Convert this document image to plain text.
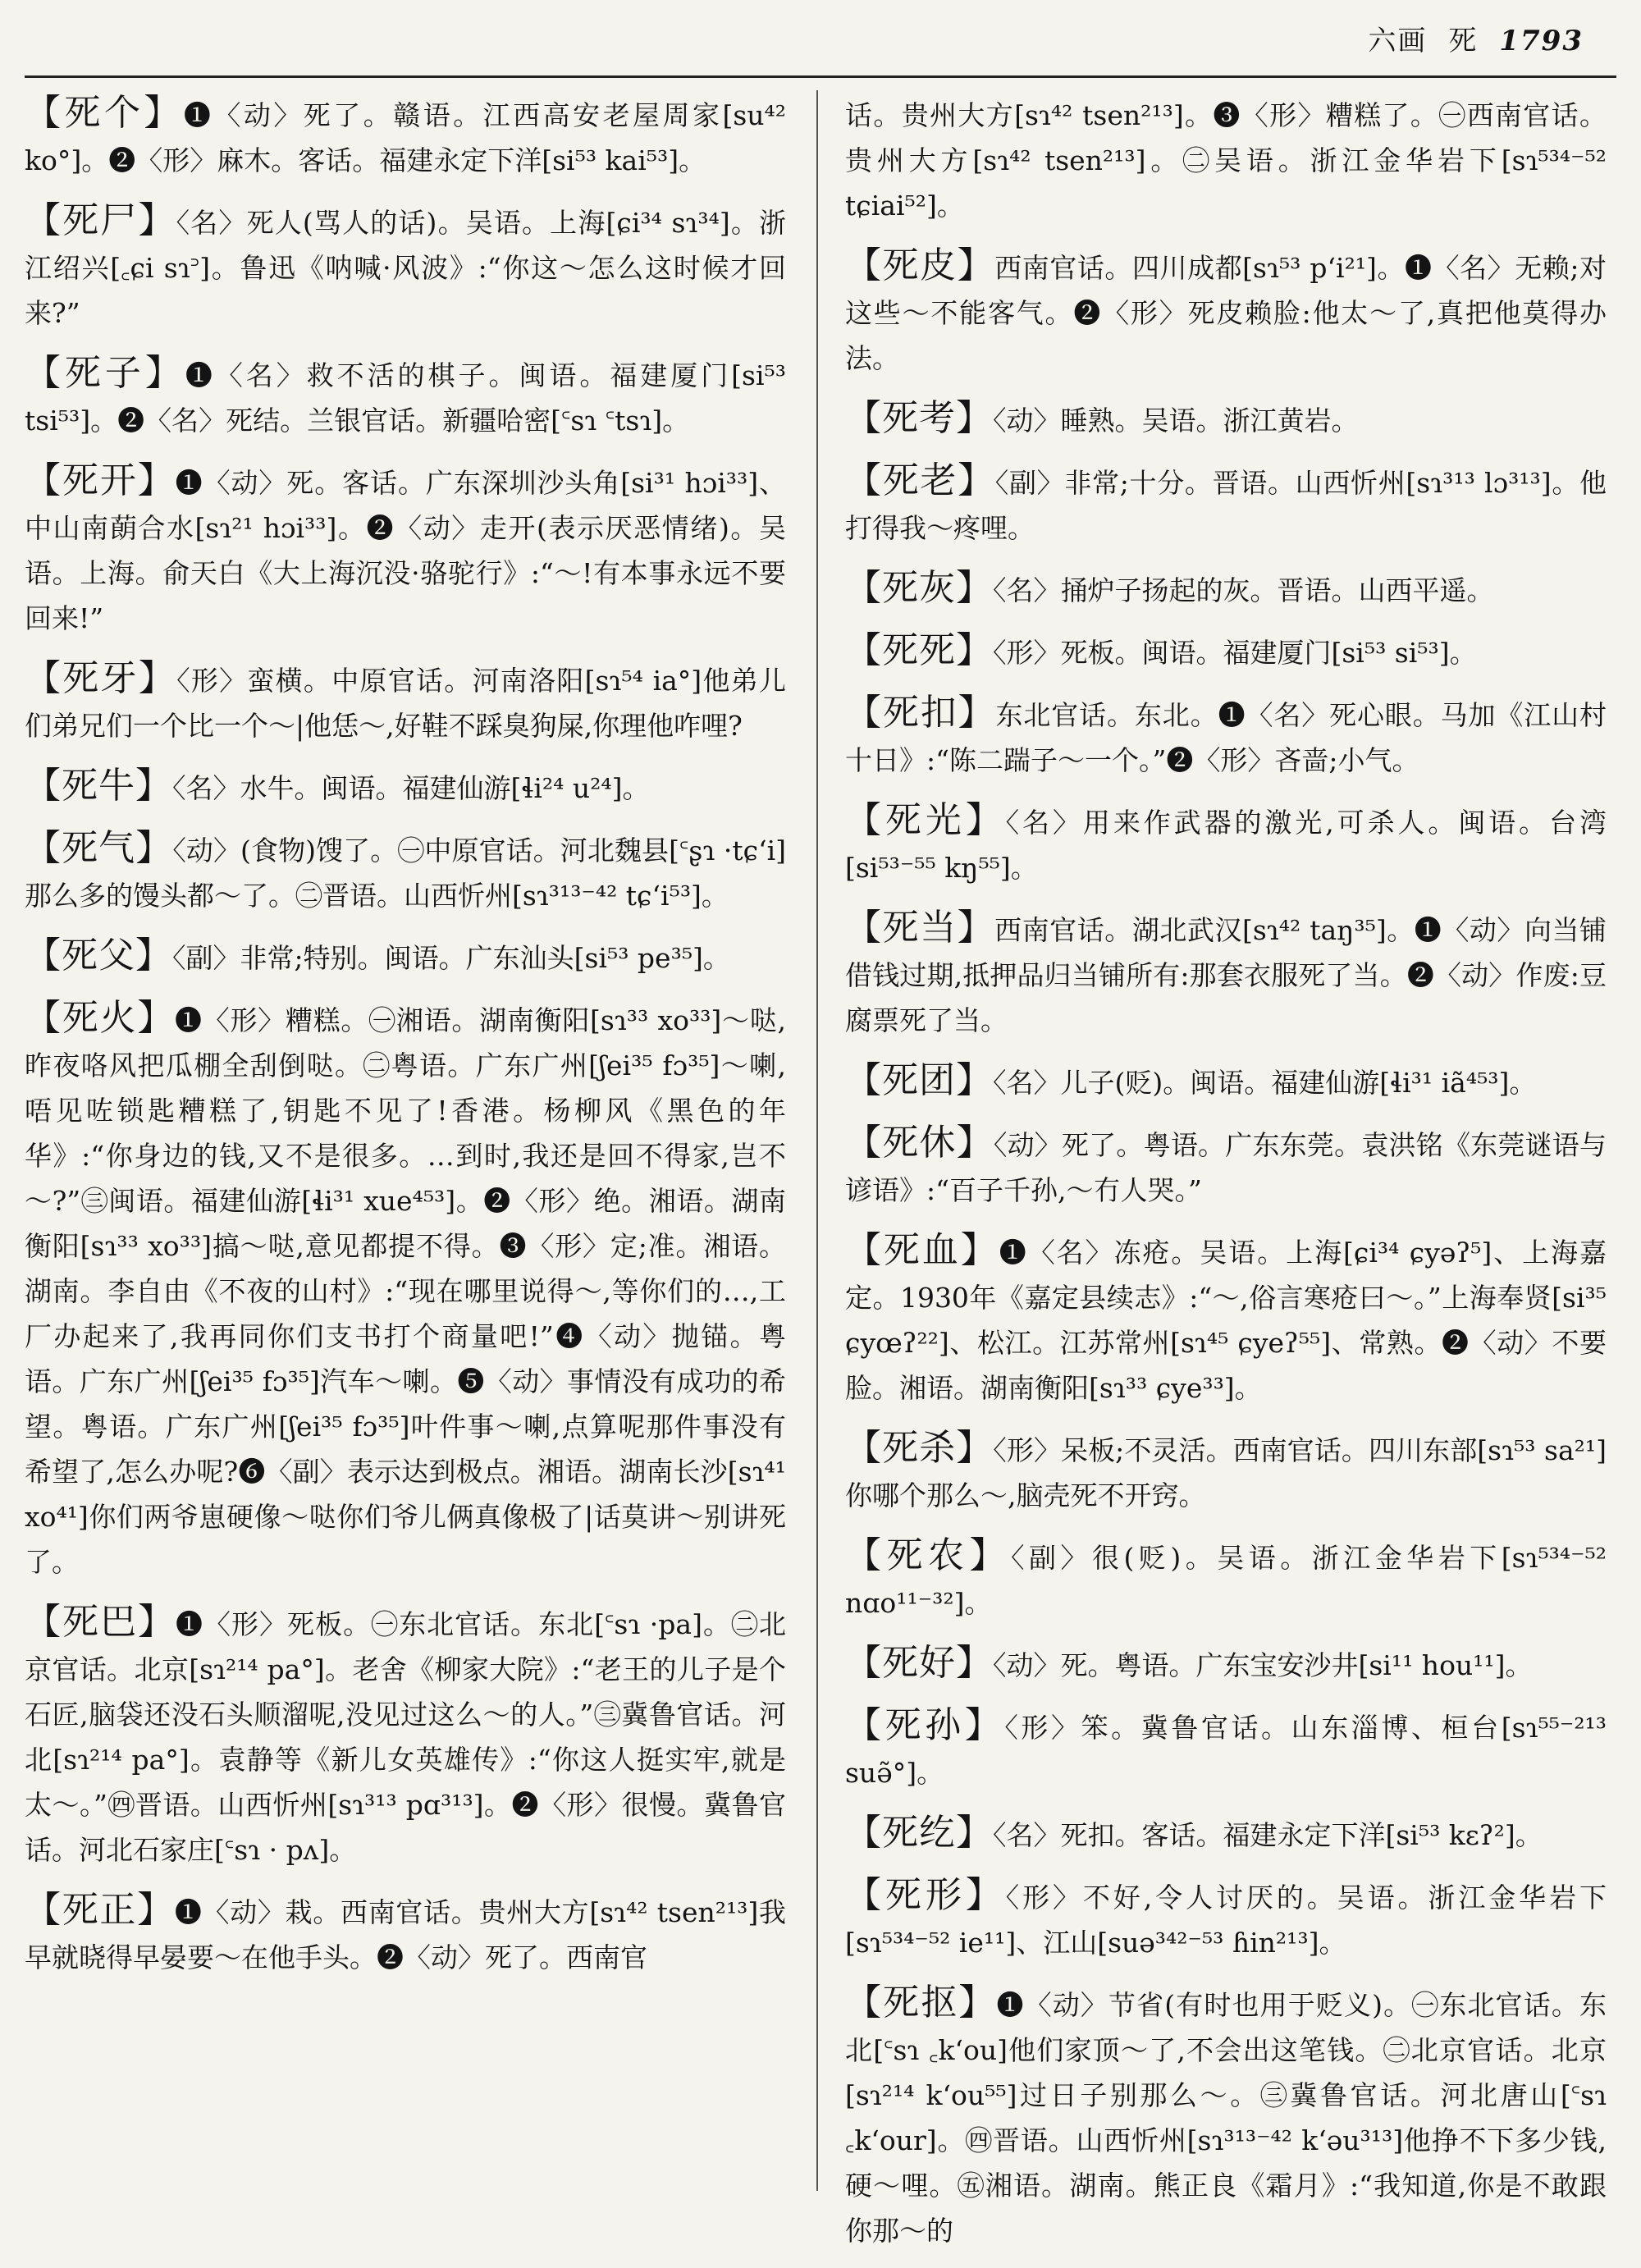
六画 死 1793

【死个】❶〈动〉死了。赣语。江西高安老屋周家[su⁴² ko°]。❷〈形〉麻木。客话。福建永定下洋[si⁵³ kai⁵³]。

【死尸】〈名〉死人(骂人的话)。吴语。上海[ɕi³⁴ sɿ³⁴]。浙江绍兴[꜀ɕi sɿ꜄]。鲁迅《呐喊·风波》:“你这～怎么这时候才回来?”

【死子】❶〈名〉救不活的棋子。闽语。福建厦门[si⁵³ tsi⁵³]。❷〈名〉死结。兰银官话。新疆哈密[꜂sɿ ꜂tsɿ]。

【死开】❶〈动〉死。客话。广东深圳沙头角[si³¹ hɔi³³]、中山南蓢合水[sɿ²¹ hɔi³³]。❷〈动〉走开(表示厌恶情绪)。吴语。上海。俞天白《大上海沉没·骆驼行》:“～!有本事永远不要回来!”

【死牙】〈形〉蛮横。中原官话。河南洛阳[sɿ⁵⁴ ia°]他弟儿们弟兄们一个比一个～|他恁～,好鞋不踩臭狗屎,你理他咋哩?

【死牛】〈名〉水牛。闽语。福建仙游[ɬi²⁴ u²⁴]。

【死气】〈动〉(食物)馊了。㊀中原官话。河北魏县[꜂ʂɿ ·tɕʻi]那么多的馒头都～了。㊁晋语。山西忻州[sɿ³¹³⁻⁴² tɕʻi⁵³]。

【死父】〈副〉非常;特别。闽语。广东汕头[si⁵³ pe³⁵]。

【死火】❶〈形〉糟糕。㊀湘语。湖南衡阳[sɿ³³ xo³³]～哒,昨夜咯风把瓜棚全刮倒哒。㊁粤语。广东广州[ʃei³⁵ fɔ³⁵]～喇,唔见咗锁匙糟糕了,钥匙不见了!香港。杨柳风《黑色的年华》:“你身边的钱,又不是很多。…到时,我还是回不得家,岂不～?”㊂闽语。福建仙游[ɬi³¹ xue⁴⁵³]。❷〈形〉绝。湘语。湖南衡阳[sɿ³³ xo³³]搞～哒,意见都提不得。❸〈形〉定;准。湘语。湖南。李自由《不夜的山村》:“现在哪里说得～,等你们的…,工厂办起来了,我再同你们支书打个商量吧!”❹〈动〉抛锚。粤语。广东广州[ʃei³⁵ fɔ³⁵]汽车～喇。❺〈动〉事情没有成功的希望。粤语。广东广州[ʃei³⁵ fɔ³⁵]叶件事～喇,点算呢那件事没有希望了,怎么办呢?❻〈副〉表示达到极点。湘语。湖南长沙[sɿ⁴¹ xo⁴¹]你们两爷崽硬像～哒你们爷儿俩真像极了|话莫讲～别讲死了。

【死巴】❶〈形〉死板。㊀东北官话。东北[꜂sɿ ·pa]。㊁北京官话。北京[sɿ²¹⁴ pa°]。老舍《柳家大院》:“老王的儿子是个石匠,脑袋还没石头顺溜呢,没见过这么～的人。”㊂冀鲁官话。河北[sɿ²¹⁴ pa°]。袁静等《新儿女英雄传》:“你这人挺实牢,就是太～。”㊃晋语。山西忻州[sɿ³¹³ pɑ³¹³]。❷〈形〉很慢。冀鲁官话。河北石家庄[꜂sɿ · pʌ]。

【死正】❶〈动〉栽。西南官话。贵州大方[sɿ⁴² tsen²¹³]我早就晓得早晏要～在他手头。❷〈动〉死了。西南官

话。贵州大方[sɿ⁴² tsen²¹³]。❸〈形〉糟糕了。㊀西南官话。贵州大方[sɿ⁴² tsen²¹³]。㊁吴语。浙江金华岩下[sɿ⁵³⁴⁻⁵² tɕiai⁵²]。

【死皮】西南官话。四川成都[sɿ⁵³ pʻi²¹]。❶〈名〉无赖;对这些～不能客气。❷〈形〉死皮赖脸:他太～了,真把他莫得办法。

【死考】〈动〉睡熟。吴语。浙江黄岩。

【死老】〈副〉非常;十分。晋语。山西忻州[sɿ³¹³ lɔ³¹³]。他打得我～疼哩。

【死灰】〈名〉捅炉子扬起的灰。晋语。山西平遥。

【死死】〈形〉死板。闽语。福建厦门[si⁵³ si⁵³]。

【死扣】东北官话。东北。❶〈名〉死心眼。马加《江山村十日》:“陈二踹子～一个。”❷〈形〉吝啬;小气。

【死光】〈名〉用来作武器的激光,可杀人。闽语。台湾[si⁵³⁻⁵⁵ kŋ⁵⁵]。

【死当】西南官话。湖北武汉[sɿ⁴² taŋ³⁵]。❶〈动〉向当铺借钱过期,抵押品归当铺所有:那套衣服死了当。❷〈动〉作废:豆腐票死了当。

【死团】〈名〉儿子(贬)。闽语。福建仙游[ɬi³¹ iã⁴⁵³]。

【死休】〈动〉死了。粤语。广东东莞。袁洪铭《东莞谜语与谚语》:“百子千孙,～冇人哭。”

【死血】❶〈名〉冻疮。吴语。上海[ɕi³⁴ ɕyəʔ⁵]、上海嘉定。1930年《嘉定县续志》:“～,俗言寒疮曰～。”上海奉贤[si³⁵ ɕyœʔ²²]、松江。江苏常州[sɿ⁴⁵ ɕyeʔ⁵⁵]、常熟。❷〈动〉不要脸。湘语。湖南衡阳[sɿ³³ ɕye³³]。

【死杀】〈形〉呆板;不灵活。西南官话。四川东部[sɿ⁵³ sa²¹]你哪个那么～,脑壳死不开窍。

【死农】〈副〉很(贬)。吴语。浙江金华岩下[sɿ⁵³⁴⁻⁵² nɑo¹¹⁻³²]。

【死好】〈动〉死。粤语。广东宝安沙井[si¹¹ hou¹¹]。

【死孙】〈形〉笨。冀鲁官话。山东淄博、桓台[sɿ⁵⁵⁻²¹³ suə̃°]。

【死纥】〈名〉死扣。客话。福建永定下洋[si⁵³ kɛʔ²]。

【死形】〈形〉不好,令人讨厌的。吴语。浙江金华岩下[sɿ⁵³⁴⁻⁵² ie¹¹]、江山[suə³⁴²⁻⁵³ ɦin²¹³]。

【死抠】❶〈动〉节省(有时也用于贬义)。㊀东北官话。东北[꜂sɿ ꜀kʻou]他们家顶～了,不会出这笔钱。㊁北京官话。北京[sɿ²¹⁴ kʻou⁵⁵]过日子别那么～。㊂冀鲁官话。河北唐山[꜂sɿ ꜀kʻour]。㊃晋语。山西忻州[sɿ³¹³⁻⁴² kʻəu³¹³]他挣不下多少钱,硬～哩。㊄湘语。湖南。熊正良《霜月》:“我知道,你是不敢跟你那～的
